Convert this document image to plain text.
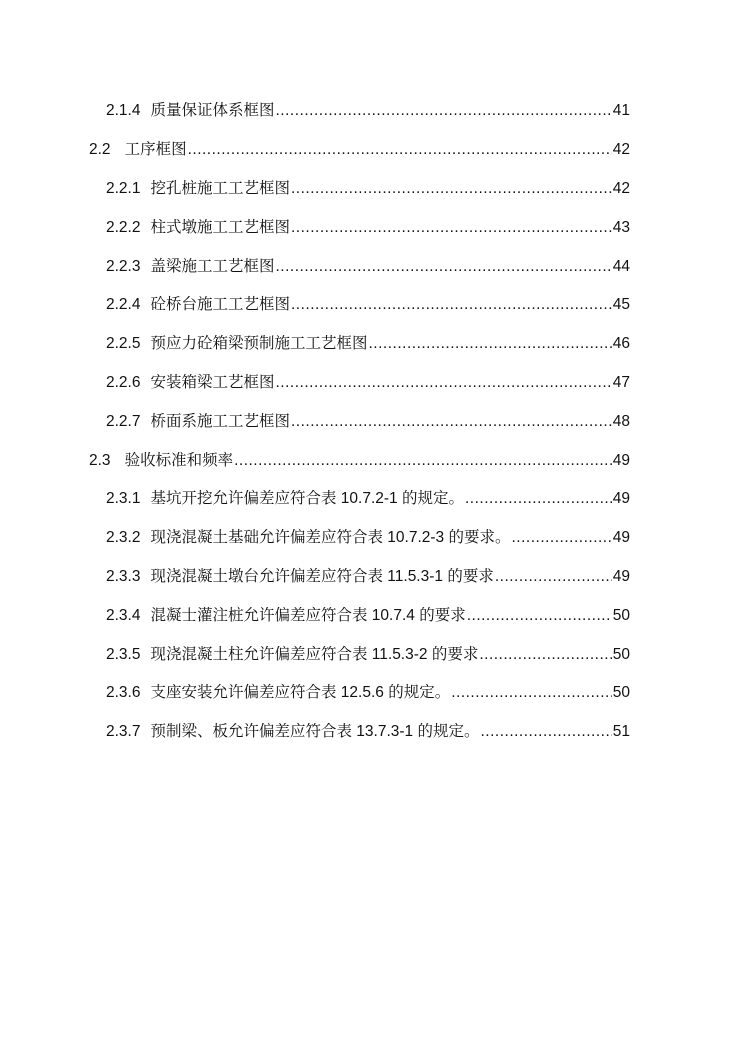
2.1.4 质量保证体系框图 .....	41
2.2 工序框图 .....	42
2.2.1 挖孔桩施工工艺框图 .....	42
2.2.2 柱式墩施工工艺框图 .....	43
2.2.3 盖梁施工工艺框图 .....	44
2.2.4 砼桥台施工工艺框图 .....	45
2.2.5 预应力砼箱梁预制施工工艺框图 .....	46
2.2.6 安装箱梁工艺框图 .....	47
2.2.7 桥面系施工工艺框图 .....	48
2.3 验收标准和频率 .....	49
2.3.1 基坑开挖允许偏差应符合表 10.7.2-1 的规定。 .....	49
2.3.2 现浇混凝土基础允许偏差应符合表 10.7.2-3 的要求。 .....	49
2.3.3 现浇混凝土墩台允许偏差应符合表 11.5.3-1 的要求 .....	49
2.3.4 混凝士灌注桩允许偏差应符合表 10.7.4 的要求 .....	50
2.3.5 现浇混凝土柱允许偏差应符合表 11.5.3-2 的要求 .....	50
2.3.6 支座安装允许偏差应符合表 12.5.6 的规定。 .....	50
2.3.7 预制梁、板允许偏差应符合表 13.7.3-1 的规定。 .....	51
